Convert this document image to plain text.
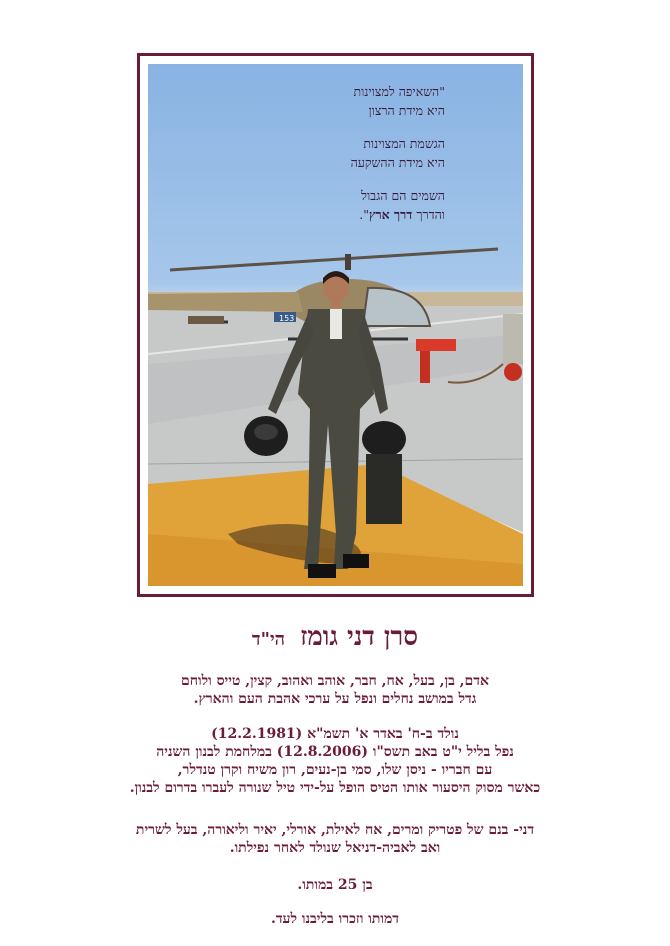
153
"השאיפה למצוינות
היא מידת הרצון
הגשמת המצוינות
היא מידת ההשקעה
השמים הם הגבול
והדרך דרך ארץ".
סרן דני גומז הי"ד
אדם, בן, בעל, אח, חבר, אוהב ואהוב, קצין, טייס ולוחם
גדל במושב נחלים ונפל על ערכי אהבת העם והארץ.
נולד ב-ח' באדר א' תשמ"א (12.2.1981)
נפל בליל י"ט באב תשס"ו (12.8.2006) במלחמת לבנון השניה
עם חבריו - ניסן שלו, סמי בן-נעים, רון משיח וקרן טנדלר,
כאשר מסוק היסעור אותו הטיס הופל על-ידי טיל שנורה לעברו בדרום לבנון.
דני- בנם של פטריק ומרים, אח לאילת, אורלי, יאיר וליאורה, בעל לשרית
ואב לאביה-דניאל שנולד לאחר נפילתו.
בן 25 במותו.
דמותו וזכרו בליבנו לעד.
